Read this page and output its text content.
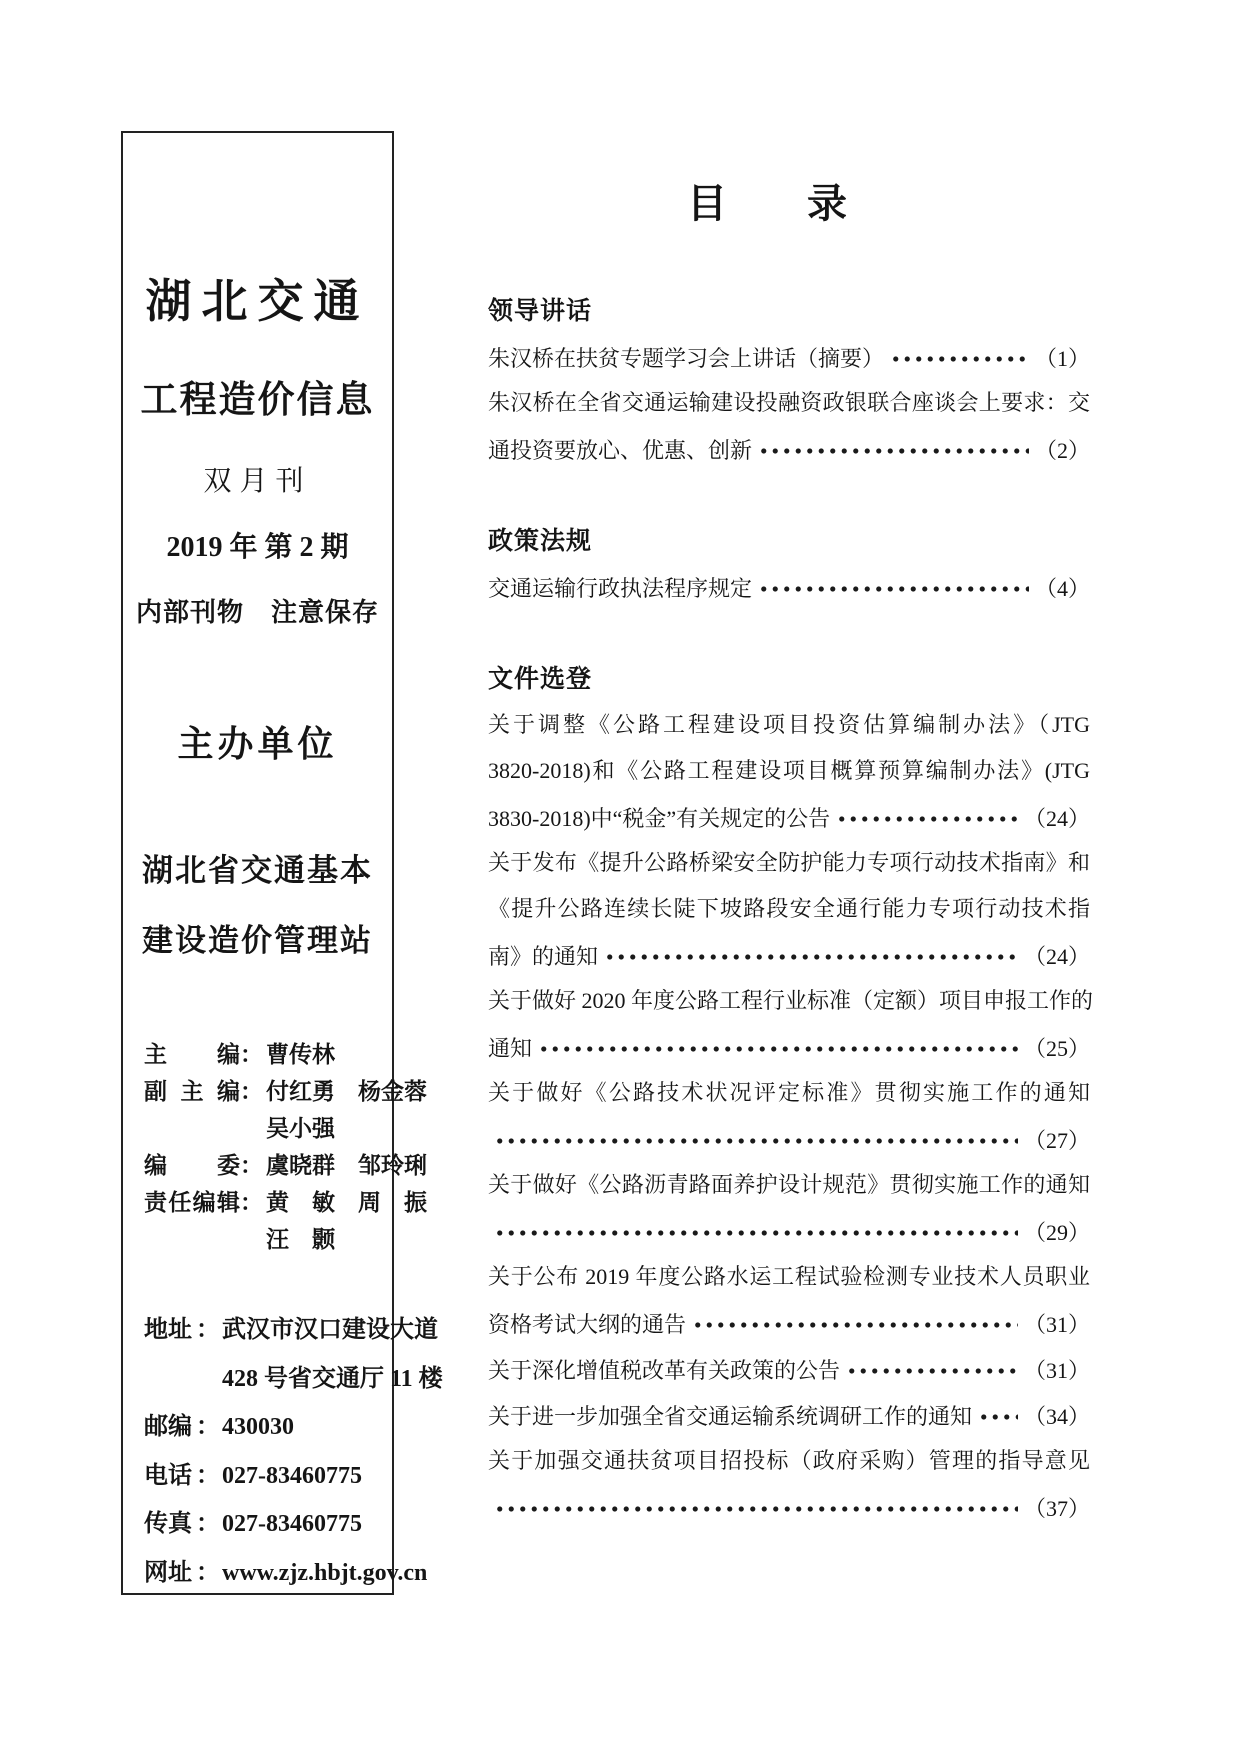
湖北交通
工程造价信息
双月刊
2019 年 第 2 期
内部刊物　注意保存
主办单位
湖北省交通基本
建设造价管理站
主编： 曹传林
副主编： 付红勇　杨金蓉
吴小强
编委： 虞晓群　邹玲琍
责任编辑： 黄　敏　周　振
汪　颢
地址 ：武汉市汉口建设大道
428 号省交通厅 11 楼
邮编 ：430030
电话 ：027-83460775
传真 ：027-83460775
网址 ：www.zjz.hbjt.gov.cn
目　　录
领导讲话
朱汉桥在扶贫专题学习会上讲话（摘要）	（1）
朱汉桥在全省交通运输建设投融资政银联合座谈会上要求：交
通投资要放心、优惠、创新	（2）
政策法规
交通运输行政执法程序规定	（4）
文件选登
关于调整《公路工程建设项目投资估算编制办法》（JTG
3820-2018)和《公路工程建设项目概算预算编制办法》(JTG
3830-2018)中“税金”有关规定的公告	（24）
关于发布《提升公路桥梁安全防护能力专项行动技术指南》和
《提升公路连续长陡下坡路段安全通行能力专项行动技术指
南》的通知	（24）
关于做好 2020 年度公路工程行业标准（定额）项目申报工作的
通知	（25）
关于做好《公路技术状况评定标准》贯彻实施工作的通知
（27）
关于做好《公路沥青路面养护设计规范》贯彻实施工作的通知
（29）
关于公布 2019 年度公路水运工程试验检测专业技术人员职业
资格考试大纲的通告	（31）
关于深化增值税改革有关政策的公告	（31）
关于进一步加强全省交通运输系统调研工作的通知 （34）
关于加强交通扶贫项目招投标（政府采购）管理的指导意见
（37）
